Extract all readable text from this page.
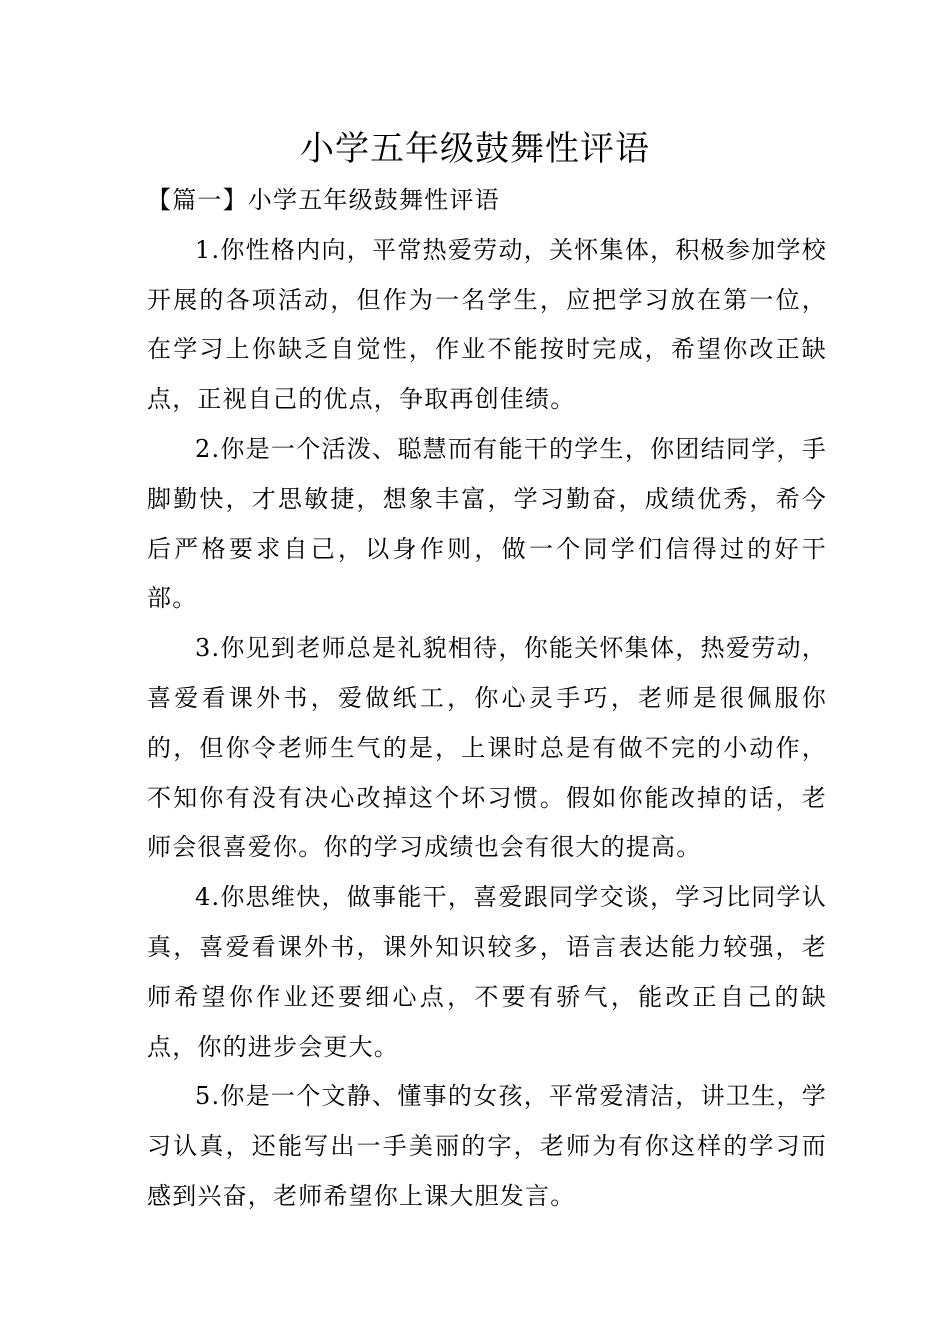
小学五年级鼓舞性评语
【篇一】小学五年级鼓舞性评语

1.你性格内向，平常热爱劳动，关怀集体，积极参加学校开展的各项活动，但作为一名学生，应把学习放在第一位，在学习上你缺乏自觉性，作业不能按时完成，希望你改正缺点，正视自己的优点，争取再创佳绩。

2.你是一个活泼、聪慧而有能干的学生，你团结同学，手脚勤快，才思敏捷，想象丰富，学习勤奋，成绩优秀，希今后严格要求自己，以身作则，做一个同学们信得过的好干部。

3.你见到老师总是礼貌相待，你能关怀集体，热爱劳动，喜爱看课外书，爱做纸工，你心灵手巧，老师是很佩服你的，但你令老师生气的是，上课时总是有做不完的小动作，不知你有没有决心改掉这个坏习惯。假如你能改掉的话，老师会很喜爱你。你的学习成绩也会有很大的提高。

4.你思维快，做事能干，喜爱跟同学交谈，学习比同学认真，喜爱看课外书，课外知识较多，语言表达能力较强，老师希望你作业还要细心点，不要有骄气，能改正自己的缺点，你的进步会更大。

5.你是一个文静、懂事的女孩，平常爱清洁，讲卫生，学习认真，还能写出一手美丽的字，老师为有你这样的学习而感到兴奋，老师希望你上课大胆发言。
